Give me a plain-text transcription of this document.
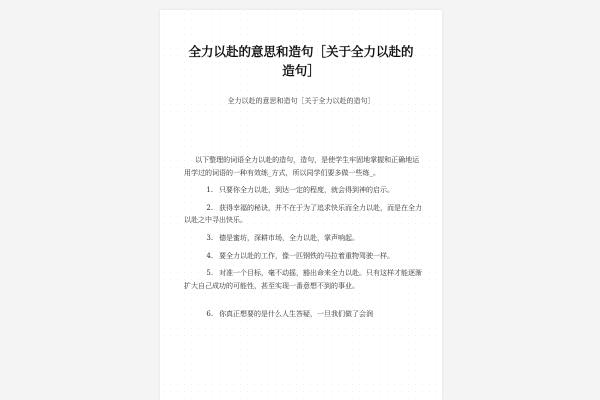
全力以赴的意思和造句［关于全力以赴的
造句］

全力以赴的意思和造句［关于全力以赴的造句］

以下整理的词语全力以赴的造句，造句，是使学生牢固地掌握和正确地运用学过的词语的一种有效练_方式，所以同学们要多做一些练_。

1. 只要你全力以赴，到达一定的程度，就会得到神的启示。

2. 获得幸福的秘诀，并不在于为了追求快乐而全力以赴，而是在全力以赴之中寻出快乐。

3. 德是蜜坊，深耕市场，全力以赴，掌声响起。

4. 要全力以赴的工作，像一匹钢铁的马拉着重物驾驶一样。

5. 对准一个目标，毫不动摇，豁出命来全力以赴。只有这样才能逐渐扩大自己成功的可能性，甚至实现一番意想不到的事业。

6. 你真正想要的是什么人生答疑，一旦我们做了会润
